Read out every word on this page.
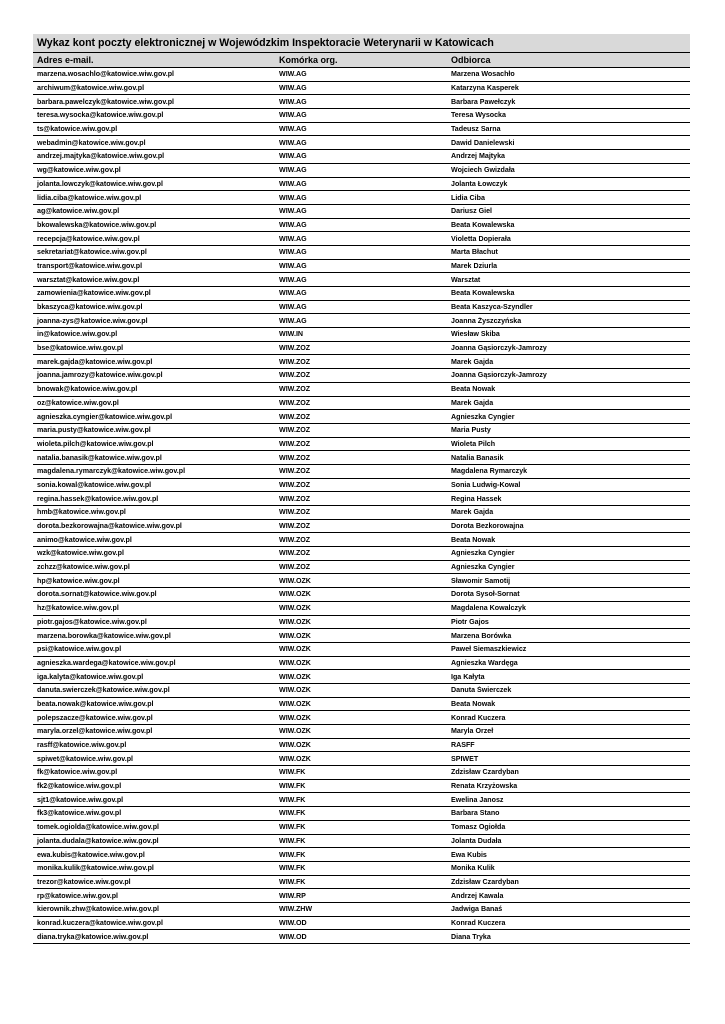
Wykaz kont poczty elektronicznej w Wojewódzkim Inspektoracie Weterynarii w Katowicach
Adres e-mail.	Komórka org.	Odbiorca
marzena.wosachlo@katowice.wiw.gov.pl	WIW.AG	Marzena Wosachło
archiwum@katowice.wiw.gov.pl	WIW.AG	Katarzyna Kasperek
barbara.pawelczyk@katowice.wiw.gov.pl	WIW.AG	Barbara Pawełczyk
teresa.wysocka@katowice.wiw.gov.pl	WIW.AG	Teresa Wysocka
ts@katowice.wiw.gov.pl	WIW.AG	Tadeusz Sarna
webadmin@katowice.wiw.gov.pl	WIW.AG	Dawid Danielewski
andrzej.majtyka@katowice.wiw.gov.pl	WIW.AG	Andrzej Majtyka
wg@katowice.wiw.gov.pl	WIW.AG	Wojciech Gwizdała
jolanta.lowczyk@katowice.wiw.gov.pl	WIW.AG	Jolanta Łowczyk
lidia.ciba@katowice.wiw.gov.pl	WIW.AG	Lidia Ciba
ag@katowice.wiw.gov.pl	WIW.AG	Dariusz Giel
bkowalewska@katowice.wiw.gov.pl	WIW.AG	Beata Kowalewska
recepcja@katowice.wiw.gov.pl	WIW.AG	Violetta Dopierała
sekretariat@katowice.wiw.gov.pl	WIW.AG	Marta Błachut
transport@katowice.wiw.gov.pl	WIW.AG	Marek Dziurla
warsztat@katowice.wiw.gov.pl	WIW.AG	Warsztat
zamowienia@katowice.wiw.gov.pl	WIW.AG	Beata Kowalewska
bkaszyca@katowice.wiw.gov.pl	WIW.AG	Beata Kaszyca-Szyndler
joanna-zys@katowice.wiw.gov.pl	WIW.AG	Joanna Żyszczyńska
in@katowice.wiw.gov.pl	WIW.IN	Wiesław Skiba
bse@katowice.wiw.gov.pl	WIW.ZOZ	Joanna Gąsiorczyk-Jamrozy
marek.gajda@katowice.wiw.gov.pl	WIW.ZOZ	Marek Gajda
joanna.jamrozy@katowice.wiw.gov.pl	WIW.ZOZ	Joanna Gąsiorczyk-Jamrozy
bnowak@katowice.wiw.gov.pl	WIW.ZOZ	Beata Nowak
oz@katowice.wiw.gov.pl	WIW.ZOZ	Marek Gajda
agnieszka.cyngier@katowice.wiw.gov.pl	WIW.ZOZ	Agnieszka Cyngier
maria.pusty@katowice.wiw.gov.pl	WIW.ZOZ	Maria Pusty
wioleta.pilch@katowice.wiw.gov.pl	WIW.ZOZ	Wioleta Pilch
natalia.banasik@katowice.wiw.gov.pl	WIW.ZOZ	Natalia Banasik
magdalena.rymarczyk@katowice.wiw.gov.pl	WIW.ZOZ	Magdalena Rymarczyk
sonia.kowal@katowice.wiw.gov.pl	WIW.ZOZ	Sonia Ludwig-Kowal
regina.hassek@katowice.wiw.gov.pl	WIW.ZOZ	Regina Hassek
hmb@katowice.wiw.gov.pl	WIW.ZOZ	Marek Gajda
dorota.bezkorowajna@katowice.wiw.gov.pl	WIW.ZOZ	Dorota Bezkorowajna
animo@katowice.wiw.gov.pl	WIW.ZOZ	Beata Nowak
wzk@katowice.wiw.gov.pl	WIW.ZOZ	Agnieszka Cyngier
zchzz@katowice.wiw.gov.pl	WIW.ZOZ	Agnieszka Cyngier
hp@katowice.wiw.gov.pl	WIW.OZK	Sławomir Samotij
dorota.sornat@katowice.wiw.gov.pl	WIW.OZK	Dorota Sysoł-Sornat
hz@katowice.wiw.gov.pl	WIW.OZK	Magdalena Kowalczyk
piotr.gajos@katowice.wiw.gov.pl	WIW.OZK	Piotr Gajos
marzena.borowka@katowice.wiw.gov.pl	WIW.OZK	Marzena Borówka
psi@katowice.wiw.gov.pl	WIW.OZK	Paweł Siemaszkiewicz
agnieszka.wardega@katowice.wiw.gov.pl	WIW.OZK	Agnieszka Wardęga
iga.kalyta@katowice.wiw.gov.pl	WIW.OZK	Iga Kałyta
danuta.swierczek@katowice.wiw.gov.pl	WIW.OZK	Danuta Świerczek
beata.nowak@katowice.wiw.gov.pl	WIW.OZK	Beata Nowak
polepszacze@katowice.wiw.gov.pl	WIW.OZK	Konrad Kuczera
maryla.orzel@katowice.wiw.gov.pl	WIW.OZK	Maryla Orzeł
rasff@katowice.wiw.gov.pl	WIW.OZK	RASFF
spiwet@katowice.wiw.gov.pl	WIW.OZK	SPIWET
fk@katowice.wiw.gov.pl	WIW.FK	Zdzisław Czardyban
fk2@katowice.wiw.gov.pl	WIW.FK	Renata Krzyżowska
sjt1@katowice.wiw.gov.pl	WIW.FK	Ewelina Janosz
fk3@katowice.wiw.gov.pl	WIW.FK	Barbara Stano
tomek.ogiolda@katowice.wiw.gov.pl	WIW.FK	Tomasz Ogiołda
jolanta.dudala@katowice.wiw.gov.pl	WIW.FK	Jolanta Dudała
ewa.kubis@katowice.wiw.gov.pl	WIW.FK	Ewa Kubis
monika.kulik@katowice.wiw.gov.pl	WIW.FK	Monika Kulik
trezor@katowice.wiw.gov.pl	WIW.FK	Zdzisław Czardyban
rp@katowice.wiw.gov.pl	WIW.RP	Andrzej Kawala
kierownik.zhw@katowice.wiw.gov.pl	WIW.ZHW	Jadwiga Banaś
konrad.kuczera@katowice.wiw.gov.pl	WIW.OD	Konrad Kuczera
diana.tryka@katowice.wiw.gov.pl	WIW.OD	Diana Tryka
